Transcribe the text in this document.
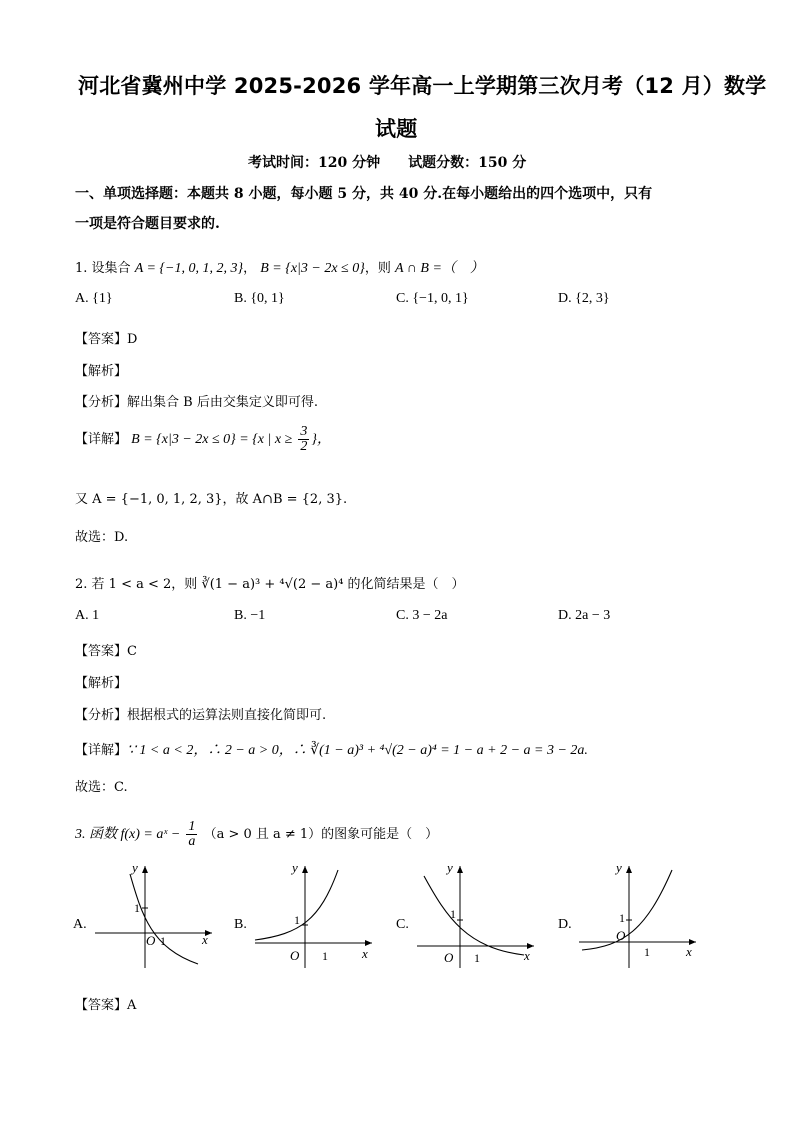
河北省冀州中学 2025-2026 学年高一上学期第三次月考（12 月）数学
试题
考试时间：120 分钟　　试题分数：150 分
一、单项选择题：本题共 8 小题，每小题 5 分，共 40 分.在每小题给出的四个选项中，只有
一项是符合题目要求的.
1. 设集合 A = {−1, 0, 1, 2, 3}， B = {x|3 − 2x ≤ 0}，则 A ∩ B =（　）
A. {1}	B. {0, 1}	C. {−1, 0, 1}	D. {2, 3}
【答案】D
【解析】
【分析】解出集合 B 后由交集定义即可得.
【详解】 B = {x|3 − 2x ≤ 0} = {x | $x \ge \frac{3}{2}$ }，
又 A = {−1, 0, 1, 2, 3}，故 A∩B = {2, 3}.
故选：D.
2. 若 1 < a < 2，则 ∛(1 − a)³ + ⁴√(2 − a)⁴ 的化简结果是（　）
A. 1	B. −1	C. 3 − 2a	D. 2a − 3
【答案】C
【解析】
【分析】根据根式的运算法则直接化简即可.
【详解】∵ 1 < a < 2，∴ 2 − a > 0，∴ ∛(1 − a)³ + ⁴√(2 − a)⁴ = 1 − a + 2 − a = 3 − 2a.
故选：C.
3. 函数 f(x) = aˣ − $\frac{1}{a} (a > 0$ 且 a ≠ 1）的图象可能是（　）
A.	B.	C.	D.
y
x
1
O 1
y
x
1
O 1
y
x
1
O 1
y
x
1
O
1
【答案】A
